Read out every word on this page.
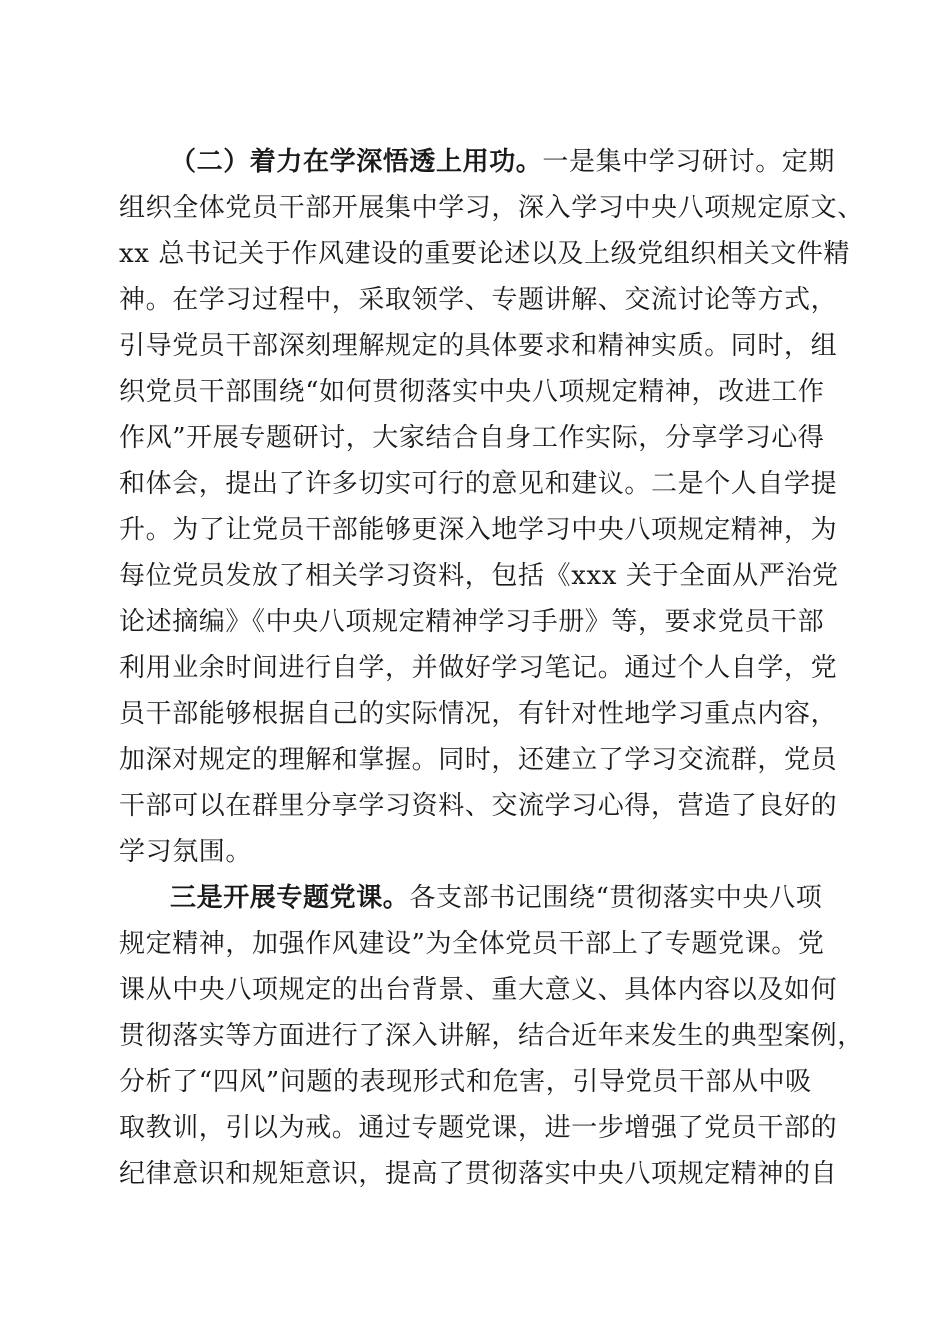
（二）着力在学深悟透上用功。一是集中学习研讨。定期
组织全体党员干部开展集中学习，深入学习中央八项规定原文、
xx 总书记关于作风建设的重要论述以及上级党组织相关文件精
神。在学习过程中，采取领学、专题讲解、交流讨论等方式，
引导党员干部深刻理解规定的具体要求和精神实质。同时，组
织党员干部围绕“如何贯彻落实中央八项规定精神，改进工作
作风”开展专题研讨，大家结合自身工作实际，分享学习心得
和体会，提出了许多切实可行的意见和建议。二是个人自学提
升。为了让党员干部能够更深入地学习中央八项规定精神，为
每位党员发放了相关学习资料，包括《xxx 关于全面从严治党
论述摘编》《中央八项规定精神学习手册》等，要求党员干部
利用业余时间进行自学，并做好学习笔记。通过个人自学，党
员干部能够根据自己的实际情况，有针对性地学习重点内容，
加深对规定的理解和掌握。同时，还建立了学习交流群，党员
干部可以在群里分享学习资料、交流学习心得，营造了良好的
学习氛围。
三是开展专题党课。各支部书记围绕“贯彻落实中央八项
规定精神，加强作风建设”为全体党员干部上了专题党课。党
课从中央八项规定的出台背景、重大意义、具体内容以及如何
贯彻落实等方面进行了深入讲解，结合近年来发生的典型案例，
分析了“四风”问题的表现形式和危害，引导党员干部从中吸
取教训，引以为戒。通过专题党课，进一步增强了党员干部的
纪律意识和规矩意识，提高了贯彻落实中央八项规定精神的自
